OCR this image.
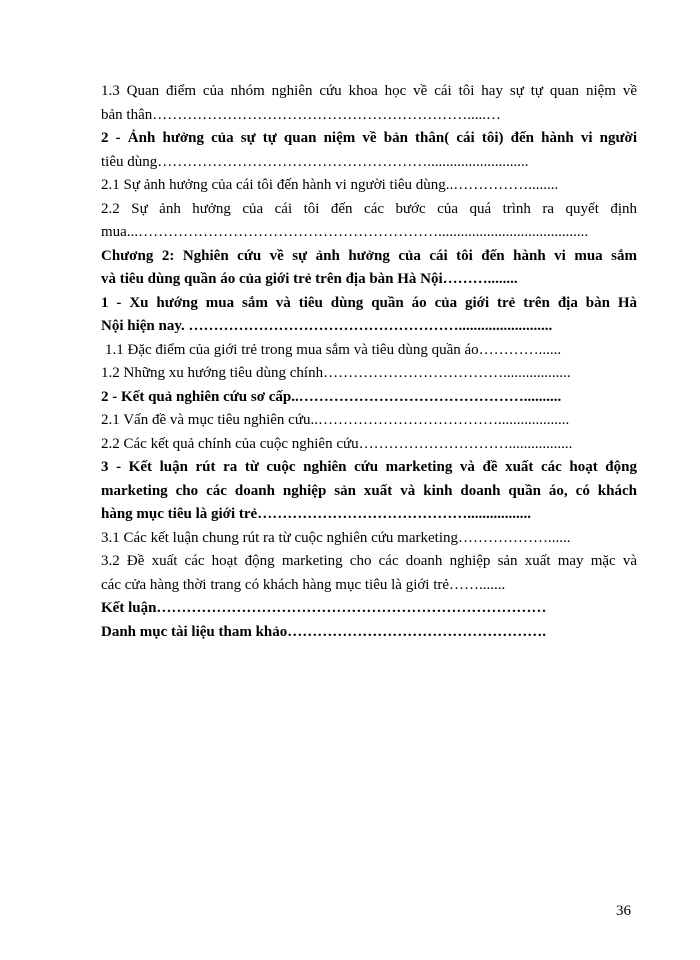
1.3 Quan điểm của nhóm nghiên cứu khoa học về cái tôi hay sự tự quan niệm về
bản thân……………………………………………………….....…
2 - Ảnh hưởng của sự tự quan niệm về bản thân( cái tôi) đến hành vi người
tiêu dùng………………………………………………...........................
2.1 Sự ảnh hưởng của cái tôi đến hành vi người tiêu dùng..……………........
2.2 Sự ảnh hưởng của cái tôi đến các bước của quá trình ra quyết định
mua...……………………………………………………........................................
Chương 2: Nghiên cứu về sự ảnh hưởng của cái tôi đến hành vi mua sắm
và tiêu dùng quần áo của giới trẻ trên địa bàn Hà Nội………........
1 - Xu hướng mua sắm và tiêu dùng quần áo của giới trẻ trên địa bàn Hà
Nội hiện nay. ……………………………………………….........................
1.1 Đặc điểm của giới trẻ trong mua sắm và tiêu dùng quần áo…………......
1.2 Những xu hướng tiêu dùng chính………………………………..................
2 - Kết quả nghiên cứu sơ cấp..………………………………………..........
2.1 Vấn đề và mục tiêu nghiên cứu..………………………………...................
2.2 Các kết quả chính của cuộc nghiên cứu………………………….................
3 - Kết luận rút ra từ cuộc nghiên cứu marketing và đề xuất các hoạt động
marketing cho các doanh nghiệp sản xuất và kinh doanh quần áo, có khách
hàng mục tiêu là giới trẻ…………………………………….................
3.1 Các kết luận chung rút ra từ cuộc nghiên cứu marketing………………......
3.2 Đề xuất các hoạt động marketing cho các doanh nghiệp sản xuất may mặc và
các cửa hàng thời trang có khách hàng mục tiêu là giới trẻ…….......
Kết luận……………………………………………………………………
Danh mục tài liệu tham khảo…………………………………………….
36
